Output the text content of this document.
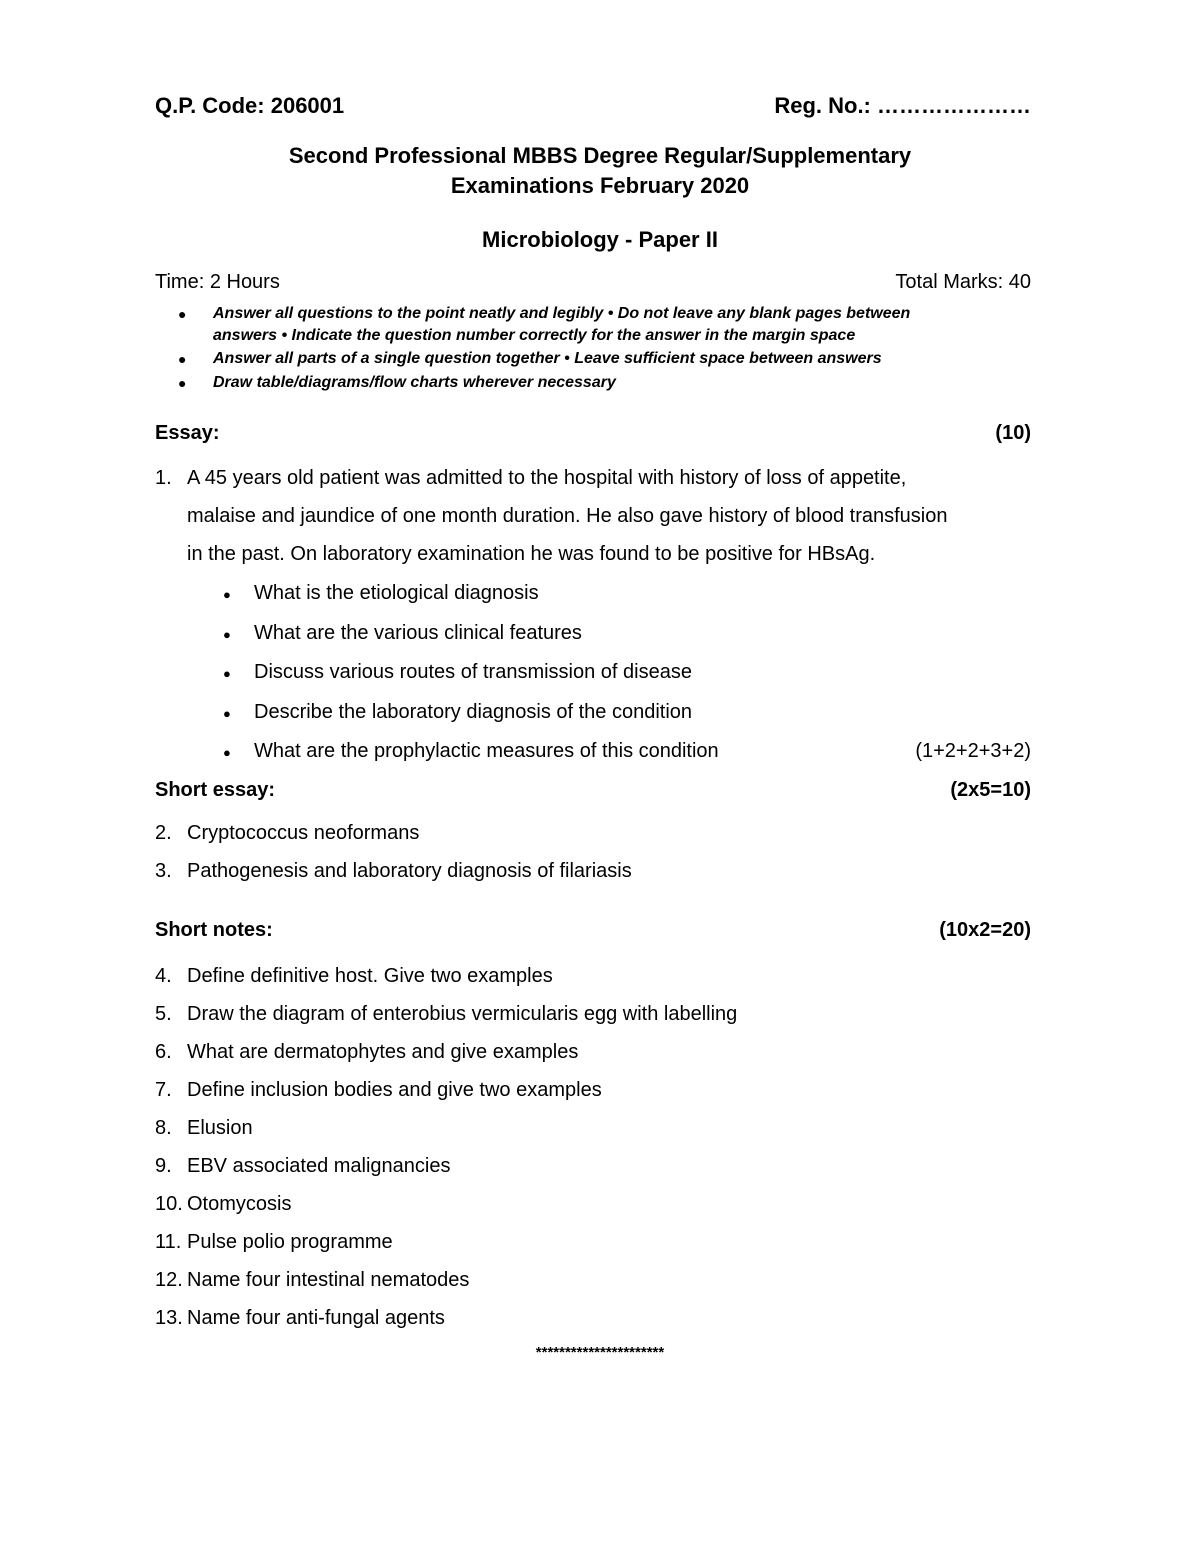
Q.P. Code: 206001	Reg. No.: …………………
Second Professional MBBS Degree Regular/Supplementary
Examinations February 2020
Microbiology - Paper II
Time: 2 Hours	Total Marks: 40
● Answer all questions to the point neatly and legibly • Do not leave any blank pages between
answers • Indicate the question number correctly for the answer in the margin space
● Answer all parts of a single question together • Leave sufficient space between answers
● Draw table/diagrams/flow charts wherever necessary
Essay:	(10)
1. A 45 years old patient was admitted to the hospital with history of loss of appetite,
malaise and jaundice of one month duration. He also gave history of blood transfusion
in the past. On laboratory examination he was found to be positive for HBsAg.
● What is the etiological diagnosis
● What are the various clinical features
● Discuss various routes of transmission of disease
● Describe the laboratory diagnosis of the condition
● What are the prophylactic measures of this condition	(1+2+2+3+2)
Short essay:	(2x5=10)
2. Cryptococcus neoformans
3. Pathogenesis and laboratory diagnosis of filariasis
Short notes:	(10x2=20)
4. Define definitive host. Give two examples
5. Draw the diagram of enterobius vermicularis egg with labelling
6. What are dermatophytes and give examples
7. Define inclusion bodies and give two examples
8. Elusion
9. EBV associated malignancies
10. Otomycosis
11. Pulse polio programme
12. Name four intestinal nematodes
13. Name four anti-fungal agents
**********************
